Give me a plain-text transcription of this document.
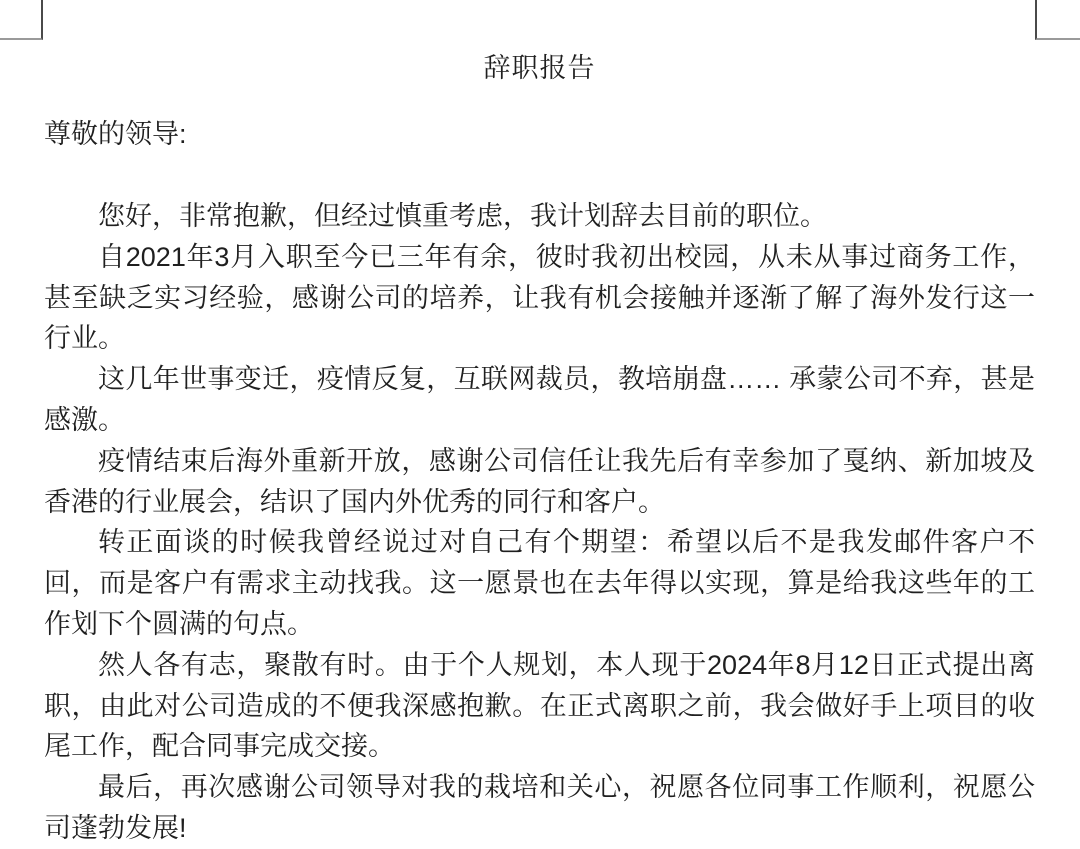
辞职报告
尊敬的领导:

您好，非常抱歉，但经过慎重考虑，我计划辞去目前的职位。

自2021年3月入职至今已三年有余，彼时我初出校园，从未从事过商务工作，甚至缺乏实习经验，感谢公司的培养，让我有机会接触并逐渐了解了海外发行这一行业。

这几年世事变迁，疫情反复，互联网裁员，教培崩盘…… 承蒙公司不弃，甚是感激。

疫情结束后海外重新开放，感谢公司信任让我先后有幸参加了戛纳、新加坡及香港的行业展会，结识了国内外优秀的同行和客户。

转正面谈的时候我曾经说过对自己有个期望：希望以后不是我发邮件客户不回，而是客户有需求主动找我。这一愿景也在去年得以实现，算是给我这些年的工作划下个圆满的句点。

然人各有志，聚散有时。由于个人规划，本人现于2024年8月12日正式提出离职，由此对公司造成的不便我深感抱歉。在正式离职之前，我会做好手上项目的收尾工作，配合同事完成交接。

最后，再次感谢公司领导对我的栽培和关心，祝愿各位同事工作顺利，祝愿公司蓬勃发展!
